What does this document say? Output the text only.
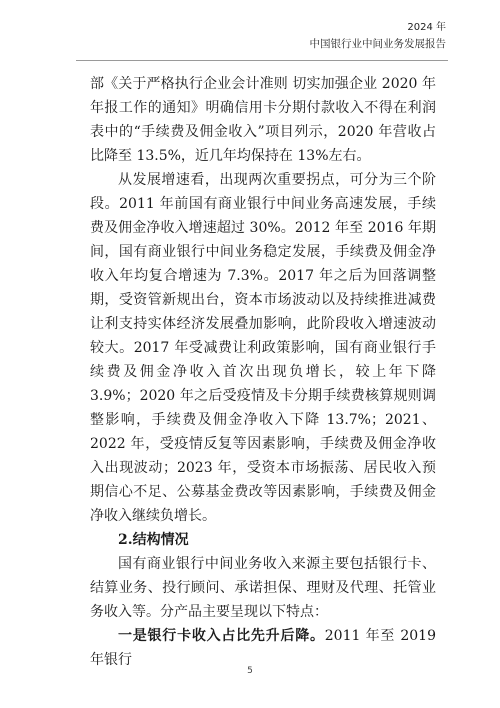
2024 年
中国银行业中间业务发展报告

部《关于严格执行企业会计准则 切实加强企业 2020 年年报工作的通知》明确信用卡分期付款收入不得在利润表中的“手续费及佣金收入”项目列示，2020 年营收占比降至 13.5%，近几年均保持在 13%左右。

从发展增速看，出现两次重要拐点，可分为三个阶段。2011 年前国有商业银行中间业务高速发展，手续费及佣金净收入增速超过 30%。2012 年至 2016 年期间，国有商业银行中间业务稳定发展，手续费及佣金净收入年均复合增速为 7.3%。2017 年之后为回落调整期，受资管新规出台，资本市场波动以及持续推进减费让利支持实体经济发展叠加影响，此阶段收入增速波动较大。2017 年受减费让利政策影响，国有商业银行手续费及佣金净收入首次出现负增长，较上年下降 3.9%；2020 年之后受疫情及卡分期手续费核算规则调整影响，手续费及佣金净收入下降 13.7%；2021、2022 年，受疫情反复等因素影响，手续费及佣金净收入出现波动；2023 年，受资本市场振荡、居民收入预期信心不足、公募基金费改等因素影响，手续费及佣金净收入继续负增长。

2.结构情况

国有商业银行中间业务收入来源主要包括银行卡、结算业务、投行顾问、承诺担保、理财及代理、托管业务收入等。分产品主要呈现以下特点：

一是银行卡收入占比先升后降。2011 年至 2019 年银行

5
